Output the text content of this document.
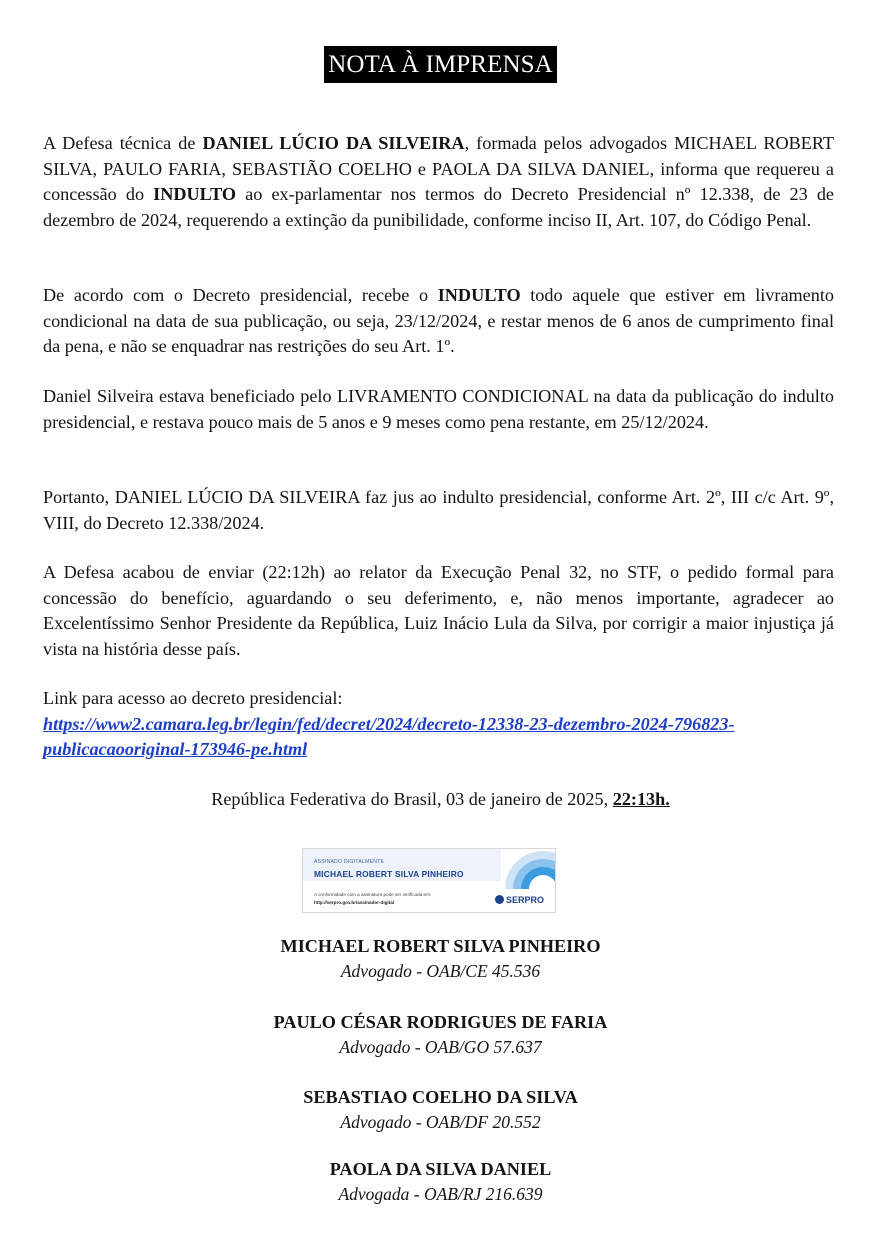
NOTA À IMPRENSA

A Defesa técnica de DANIEL LÚCIO DA SILVEIRA, formada pelos advogados MICHAEL ROBERT SILVA, PAULO FARIA, SEBASTIÃO COELHO e PAOLA DA SILVA DANIEL, informa que requereu a concessão do INDULTO ao ex-parlamentar nos termos do Decreto Presidencial nº 12.338, de 23 de dezembro de 2024, requerendo a extinção da punibilidade, conforme inciso II, Art. 107, do Código Penal.

De acordo com o Decreto presidencial, recebe o INDULTO todo aquele que estiver em livramento condicional na data de sua publicação, ou seja, 23/12/2024, e restar menos de 6 anos de cumprimento final da pena, e não se enquadrar nas restrições do seu Art. 1º.

Daniel Silveira estava beneficiado pelo LIVRAMENTO CONDICIONAL na data da publicação do indulto presidencial, e restava pouco mais de 5 anos e 9 meses como pena restante, em 25/12/2024.

Portanto, DANIEL LÚCIO DA SILVEIRA faz jus ao indulto presidencial, conforme Art. 2º, III c/c Art. 9º, VIII, do Decreto 12.338/2024.

A Defesa acabou de enviar (22:12h) ao relator da Execução Penal 32, no STF, o pedido formal para concessão do benefício, aguardando o seu deferimento, e, não menos importante, agradecer ao Excelentíssimo Senhor Presidente da República, Luiz Inácio Lula da Silva, por corrigir a maior injustiça já vista na história desse país.

Link para acesso ao decreto presidencial:
https://www2.camara.leg.br/legin/fed/decret/2024/decreto-12338-23-dezembro-2024-796823-
publicacaooriginal-173946-pe.html
República Federativa do Brasil, 03 de janeiro de 2025, 22:13h.
ASSINADO DIGITALMENTE
MICHAEL ROBERT SILVA PINHEIRO
A conformidade com a assinatura pode ser verificada em:
http://serpro.gov.br/assinador-digital	SERPRO
MICHAEL ROBERT SILVA PINHEIRO
Advogado - OAB/CE 45.536
PAULO CÉSAR RODRIGUES DE FARIA
Advogado - OAB/GO 57.637
SEBASTIAO COELHO DA SILVA
Advogado - OAB/DF 20.552
PAOLA DA SILVA DANIEL
Advogada - OAB/RJ 216.639
